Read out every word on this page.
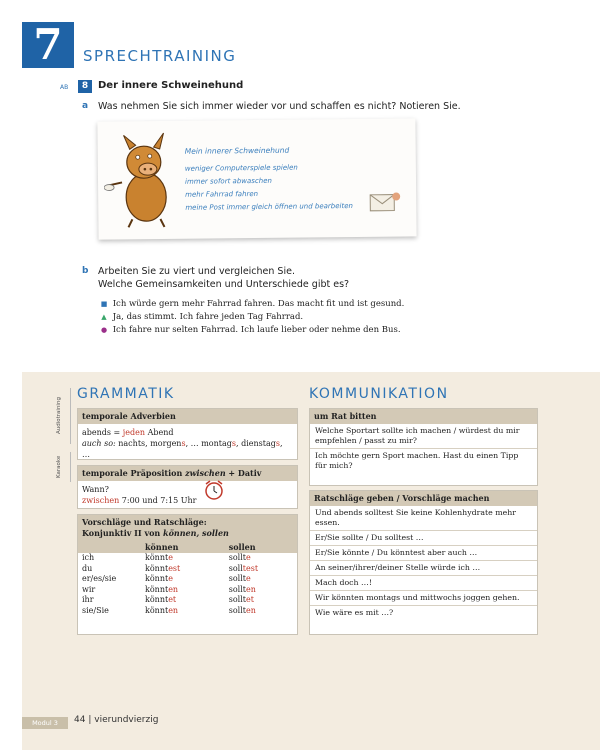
7	SPRECHTRAINING
AB	8 Der innere Schweinehund
a Was nehmen Sie sich immer wieder vor und schaffen es nicht? Notieren Sie.
Mein innerer Schweinehund
weniger Computerspiele spielen
immer sofort abwaschen
mehr Fahrrad fahren
meine Post immer gleich öffnen und bearbeiten
b Arbeiten Sie zu viert und vergleichen Sie.
Welche Gemeinsamkeiten und Unterschiede gibt es?
■ Ich würde gern mehr Fahrrad fahren. Das macht fit und ist gesund.
▲ Ja, das stimmt. Ich fahre jeden Tag Fahrrad.
● Ich fahre nur selten Fahrrad. Ich laufe lieber oder nehme den Bus.
Audiotraining
Karaoke
GRAMMATIK
temporale Adverbien
abends = jeden Abend
auch so: nachts, morgens, … montags, dienstags, …
temporale Präposition zwischen + Dativ
Wann?
zwischen 7:00 und 7:15 Uhr
Vorschläge und Ratschläge:
Konjunktiv II von können, sollen
	können	sollen
ich	könnte	sollte
du	könntest	solltest
er/es/sie	könnte	sollte
wir	könnten	sollten
ihr	könntet	solltet
sie/Sie	könnten	sollten
KOMMUNIKATION
um Rat bitten
Welche Sportart sollte ich machen / würdest du mir empfehlen / passt zu mir?
Ich möchte gern Sport machen. Hast du einen Tipp für mich?
Ratschläge geben / Vorschläge machen
Und abends solltest Sie keine Kohlenhydrate mehr essen.
Er/Sie sollte / Du solltest …
Er/Sie könnte / Du könntest aber auch …
An seiner/ihrer/deiner Stelle würde ich …
Mach doch …!
Wir könnten montags und mittwochs joggen gehen.
Wie wäre es mit …?
Modul 3	44 | vierundvierzig
